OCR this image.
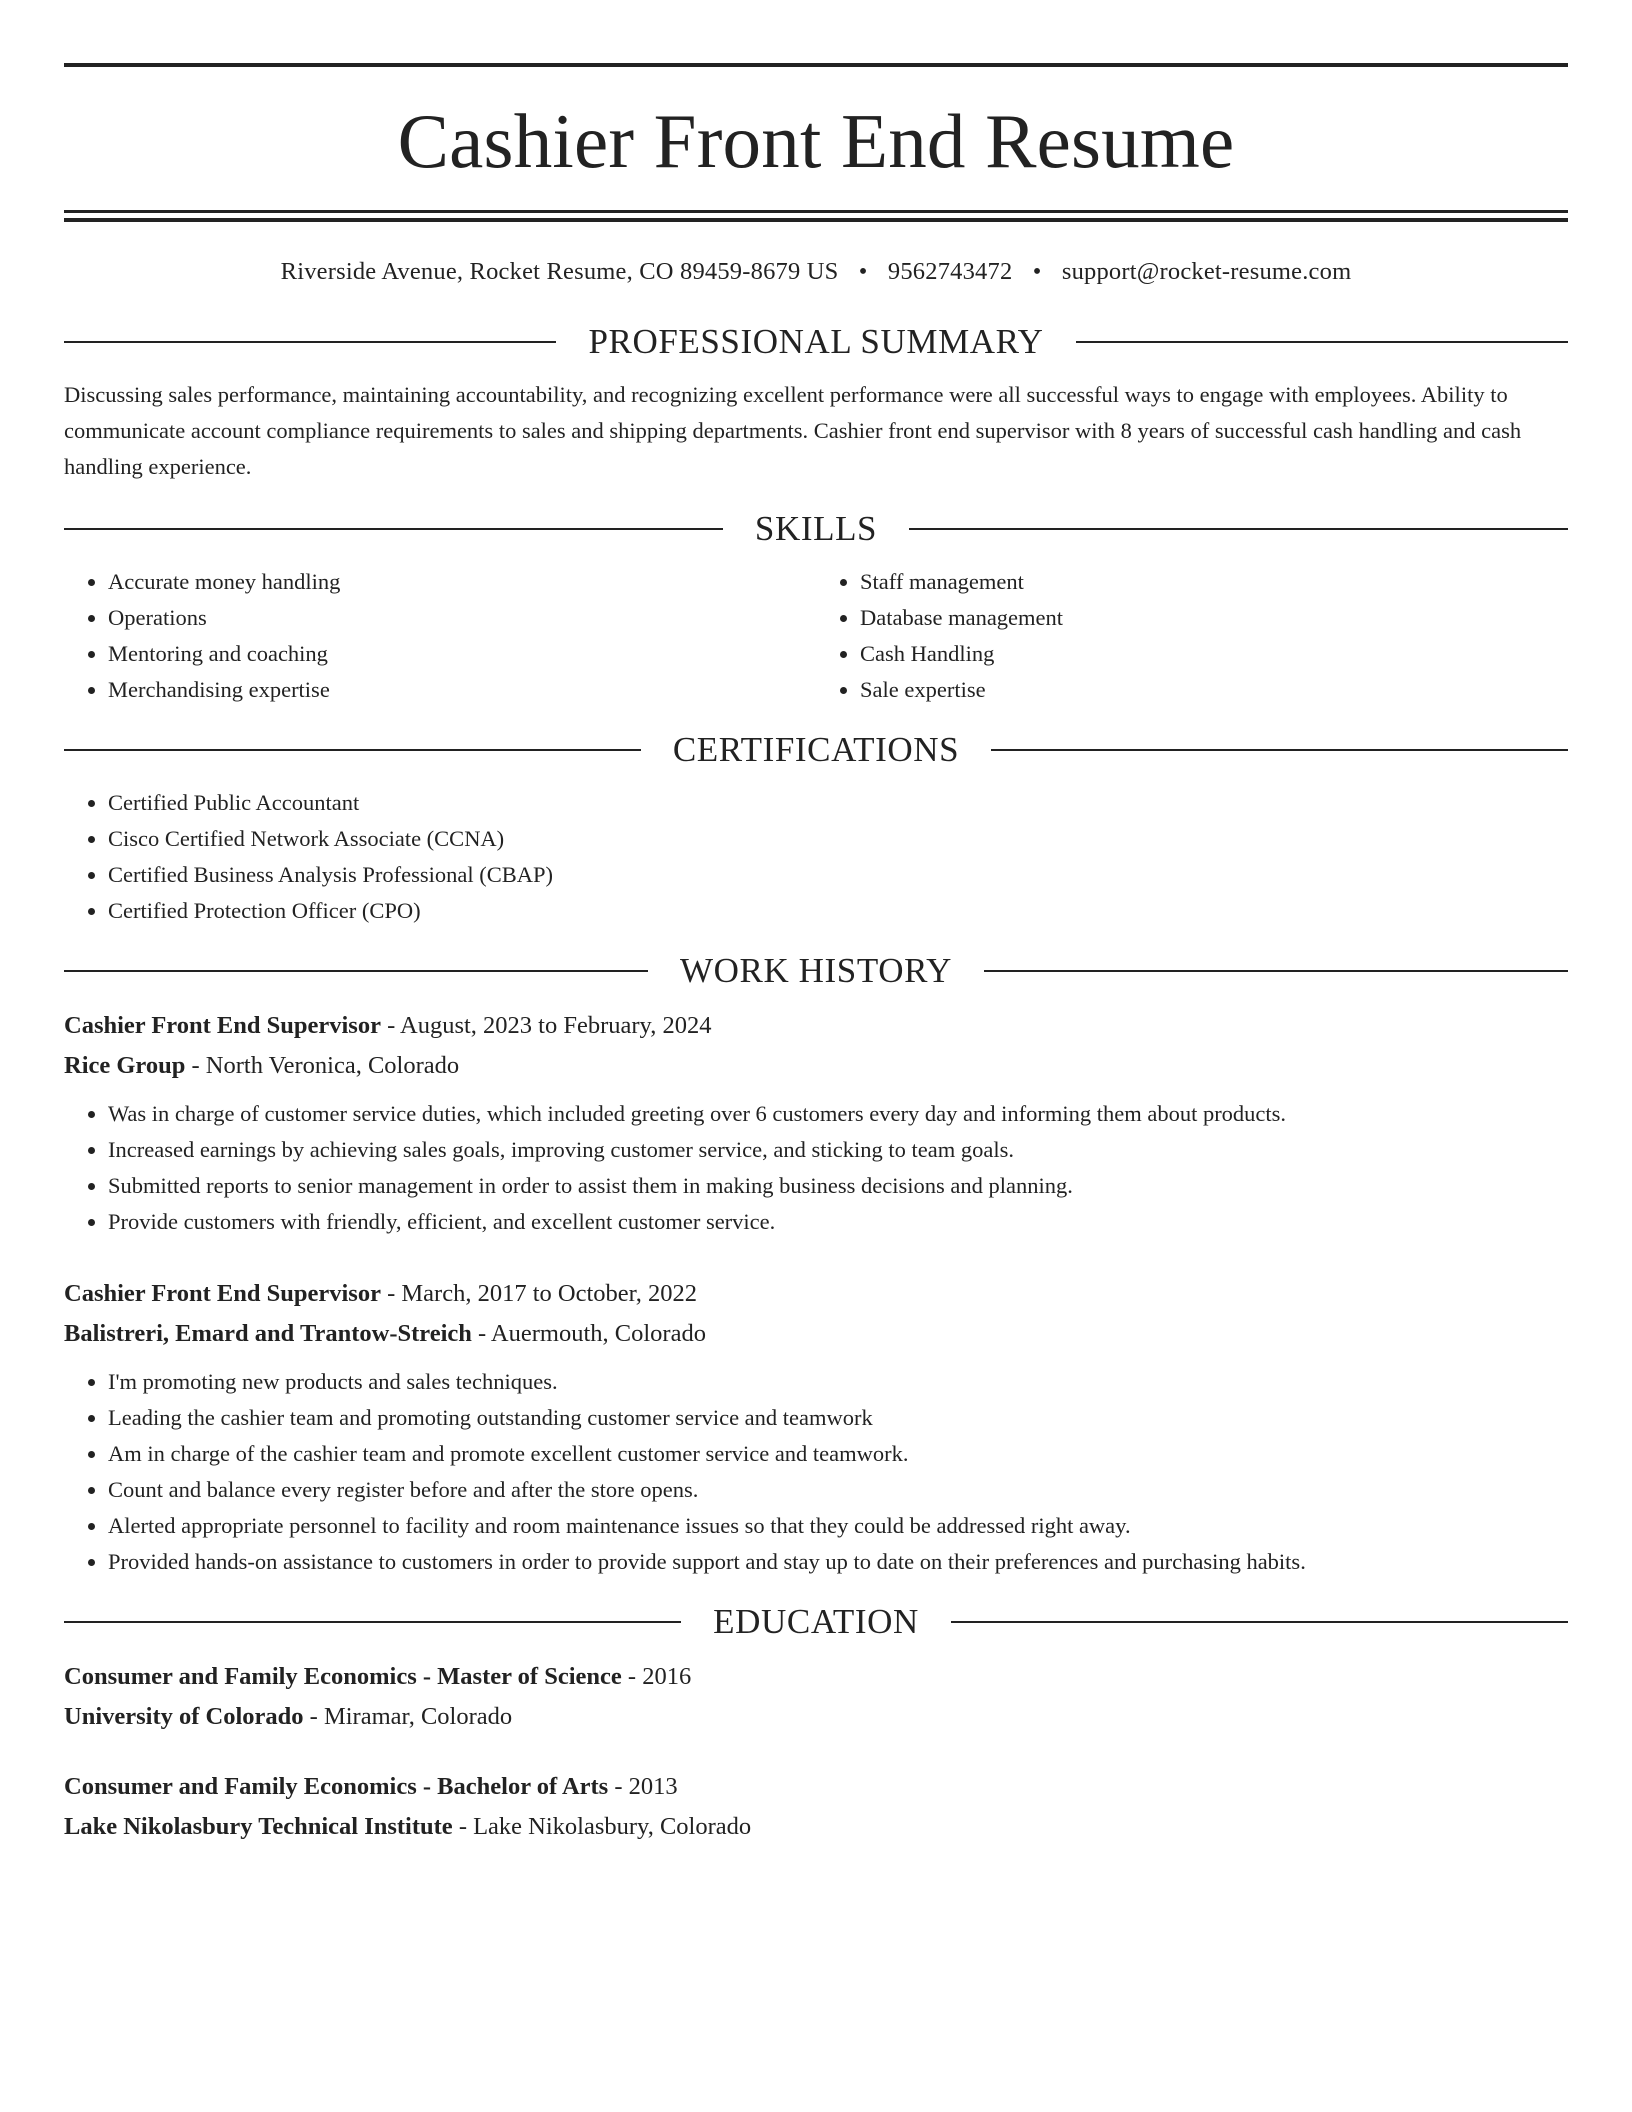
Cashier Front End Resume
Riverside Avenue, Rocket Resume, CO 89459-8679 US • 9562743472 • support@rocket-resume.com
PROFESSIONAL SUMMARY

Discussing sales performance, maintaining accountability, and recognizing excellent performance were all successful ways to engage with employees. Ability to communicate account compliance requirements to sales and shipping departments. Cashier front end supervisor with 8 years of successful cash handling and cash handling experience.

SKILLS
• Accurate money handling
• Operations
• Mentoring and coaching
• Merchandising expertise
• Staff management
• Database management
• Cash Handling
• Sale expertise
CERTIFICATIONS
• Certified Public Accountant
• Cisco Certified Network Associate (CCNA)
• Certified Business Analysis Professional (CBAP)
• Certified Protection Officer (CPO)
WORK HISTORY
Cashier Front End Supervisor - August, 2023 to February, 2024
Rice Group - North Veronica, Colorado
• Was in charge of customer service duties, which included greeting over 6 customers every day and informing them about products.
• Increased earnings by achieving sales goals, improving customer service, and sticking to team goals.
• Submitted reports to senior management in order to assist them in making business decisions and planning.
• Provide customers with friendly, efficient, and excellent customer service.
Cashier Front End Supervisor - March, 2017 to October, 2022
Balistreri, Emard and Trantow-Streich - Auermouth, Colorado
• I'm promoting new products and sales techniques.
• Leading the cashier team and promoting outstanding customer service and teamwork
• Am in charge of the cashier team and promote excellent customer service and teamwork.
• Count and balance every register before and after the store opens.
• Alerted appropriate personnel to facility and room maintenance issues so that they could be addressed right away.
• Provided hands-on assistance to customers in order to provide support and stay up to date on their preferences and purchasing habits.
EDUCATION
Consumer and Family Economics - Master of Science - 2016
University of Colorado - Miramar, Colorado
Consumer and Family Economics - Bachelor of Arts - 2013
Lake Nikolasbury Technical Institute - Lake Nikolasbury, Colorado
